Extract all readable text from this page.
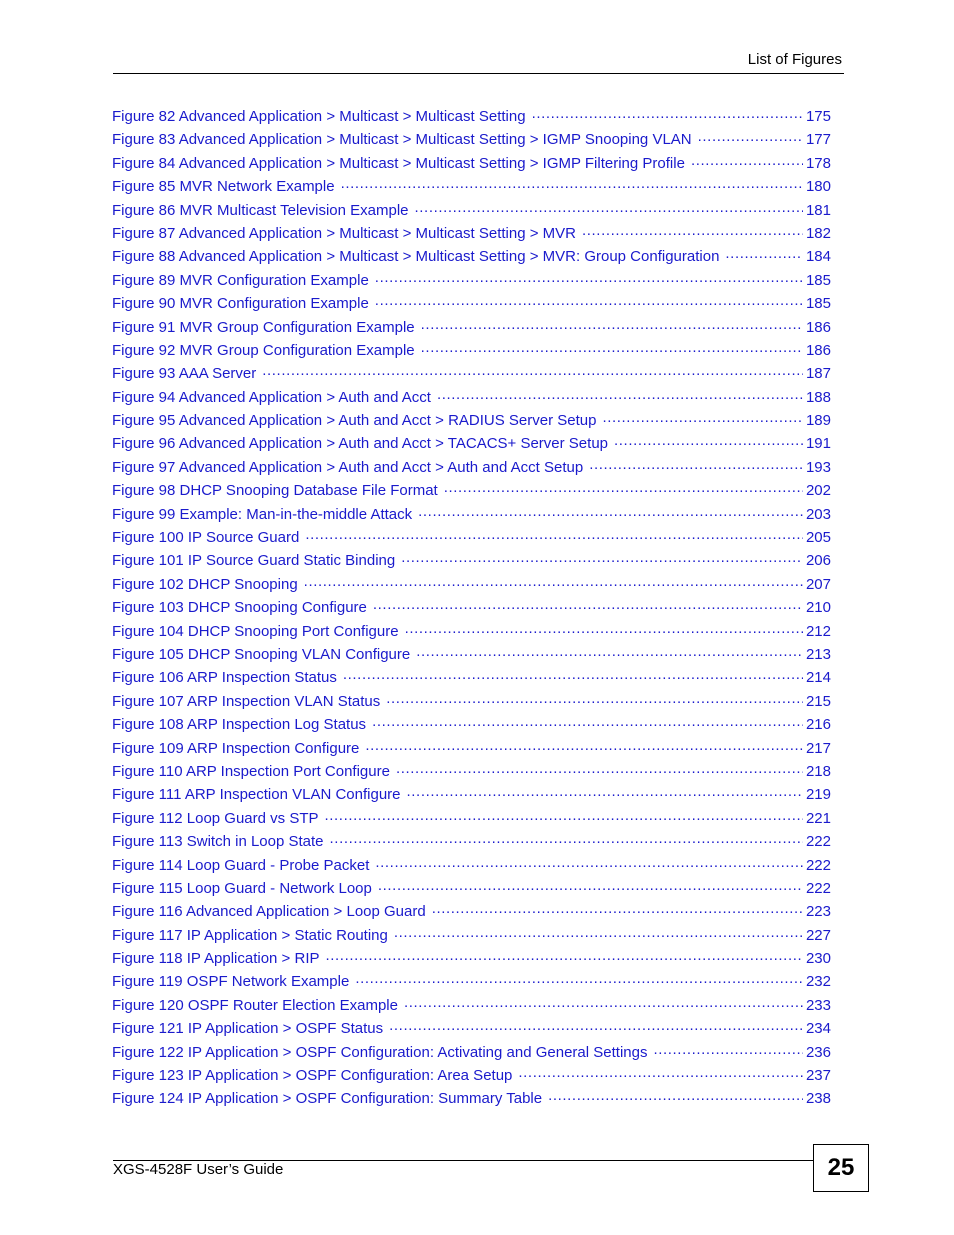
List of Figures
Figure 82 Advanced Application > Multicast > Multicast Setting .....	175
Figure 83 Advanced Application > Multicast > Multicast Setting > IGMP Snooping VLAN .....	177
Figure 84 Advanced Application > Multicast > Multicast Setting > IGMP Filtering Profile .....	178
Figure 85 MVR Network Example .....	180
Figure 86 MVR Multicast Television Example .....	181
Figure 87 Advanced Application > Multicast > Multicast Setting > MVR .....	182
Figure 88 Advanced Application > Multicast > Multicast Setting > MVR: Group Configuration .....	184
Figure 89 MVR Configuration Example .....	185
Figure 90 MVR Configuration Example .....	185
Figure 91 MVR Group Configuration Example .....	186
Figure 92 MVR Group Configuration Example .....	186
Figure 93 AAA Server .....	187
Figure 94 Advanced Application > Auth and Acct .....	188
Figure 95 Advanced Application > Auth and Acct > RADIUS Server Setup .....	189
Figure 96 Advanced Application > Auth and Acct > TACACS+ Server Setup .....	191
Figure 97 Advanced Application > Auth and Acct > Auth and Acct Setup .....	193
Figure 98 DHCP Snooping Database File Format .....	202
Figure 99 Example: Man-in-the-middle Attack .....	203
Figure 100 IP Source Guard .....	205
Figure 101 IP Source Guard Static Binding .....	206
Figure 102 DHCP Snooping .....	207
Figure 103 DHCP Snooping Configure .....	210
Figure 104 DHCP Snooping Port Configure .....	212
Figure 105 DHCP Snooping VLAN Configure .....	213
Figure 106 ARP Inspection Status .....	214
Figure 107 ARP Inspection VLAN Status .....	215
Figure 108 ARP Inspection Log Status .....	216
Figure 109 ARP Inspection Configure .....	217
Figure 110 ARP Inspection Port Configure .....	218
Figure 111 ARP Inspection VLAN Configure .....	219
Figure 112 Loop Guard vs STP .....	221
Figure 113 Switch in Loop State .....	222
Figure 114 Loop Guard - Probe Packet .....	222
Figure 115 Loop Guard - Network Loop .....	222
Figure 116 Advanced Application > Loop Guard .....	223
Figure 117 IP Application > Static Routing .....	227
Figure 118 IP Application > RIP .....	230
Figure 119 OSPF Network Example .....	232
Figure 120 OSPF Router Election Example .....	233
Figure 121 IP Application > OSPF Status .....	234
Figure 122 IP Application > OSPF Configuration: Activating and General Settings .....	236
Figure 123 IP Application > OSPF Configuration: Area Setup .....	237
Figure 124 IP Application > OSPF Configuration: Summary Table .....	238
XGS-4528F User’s Guide	25
